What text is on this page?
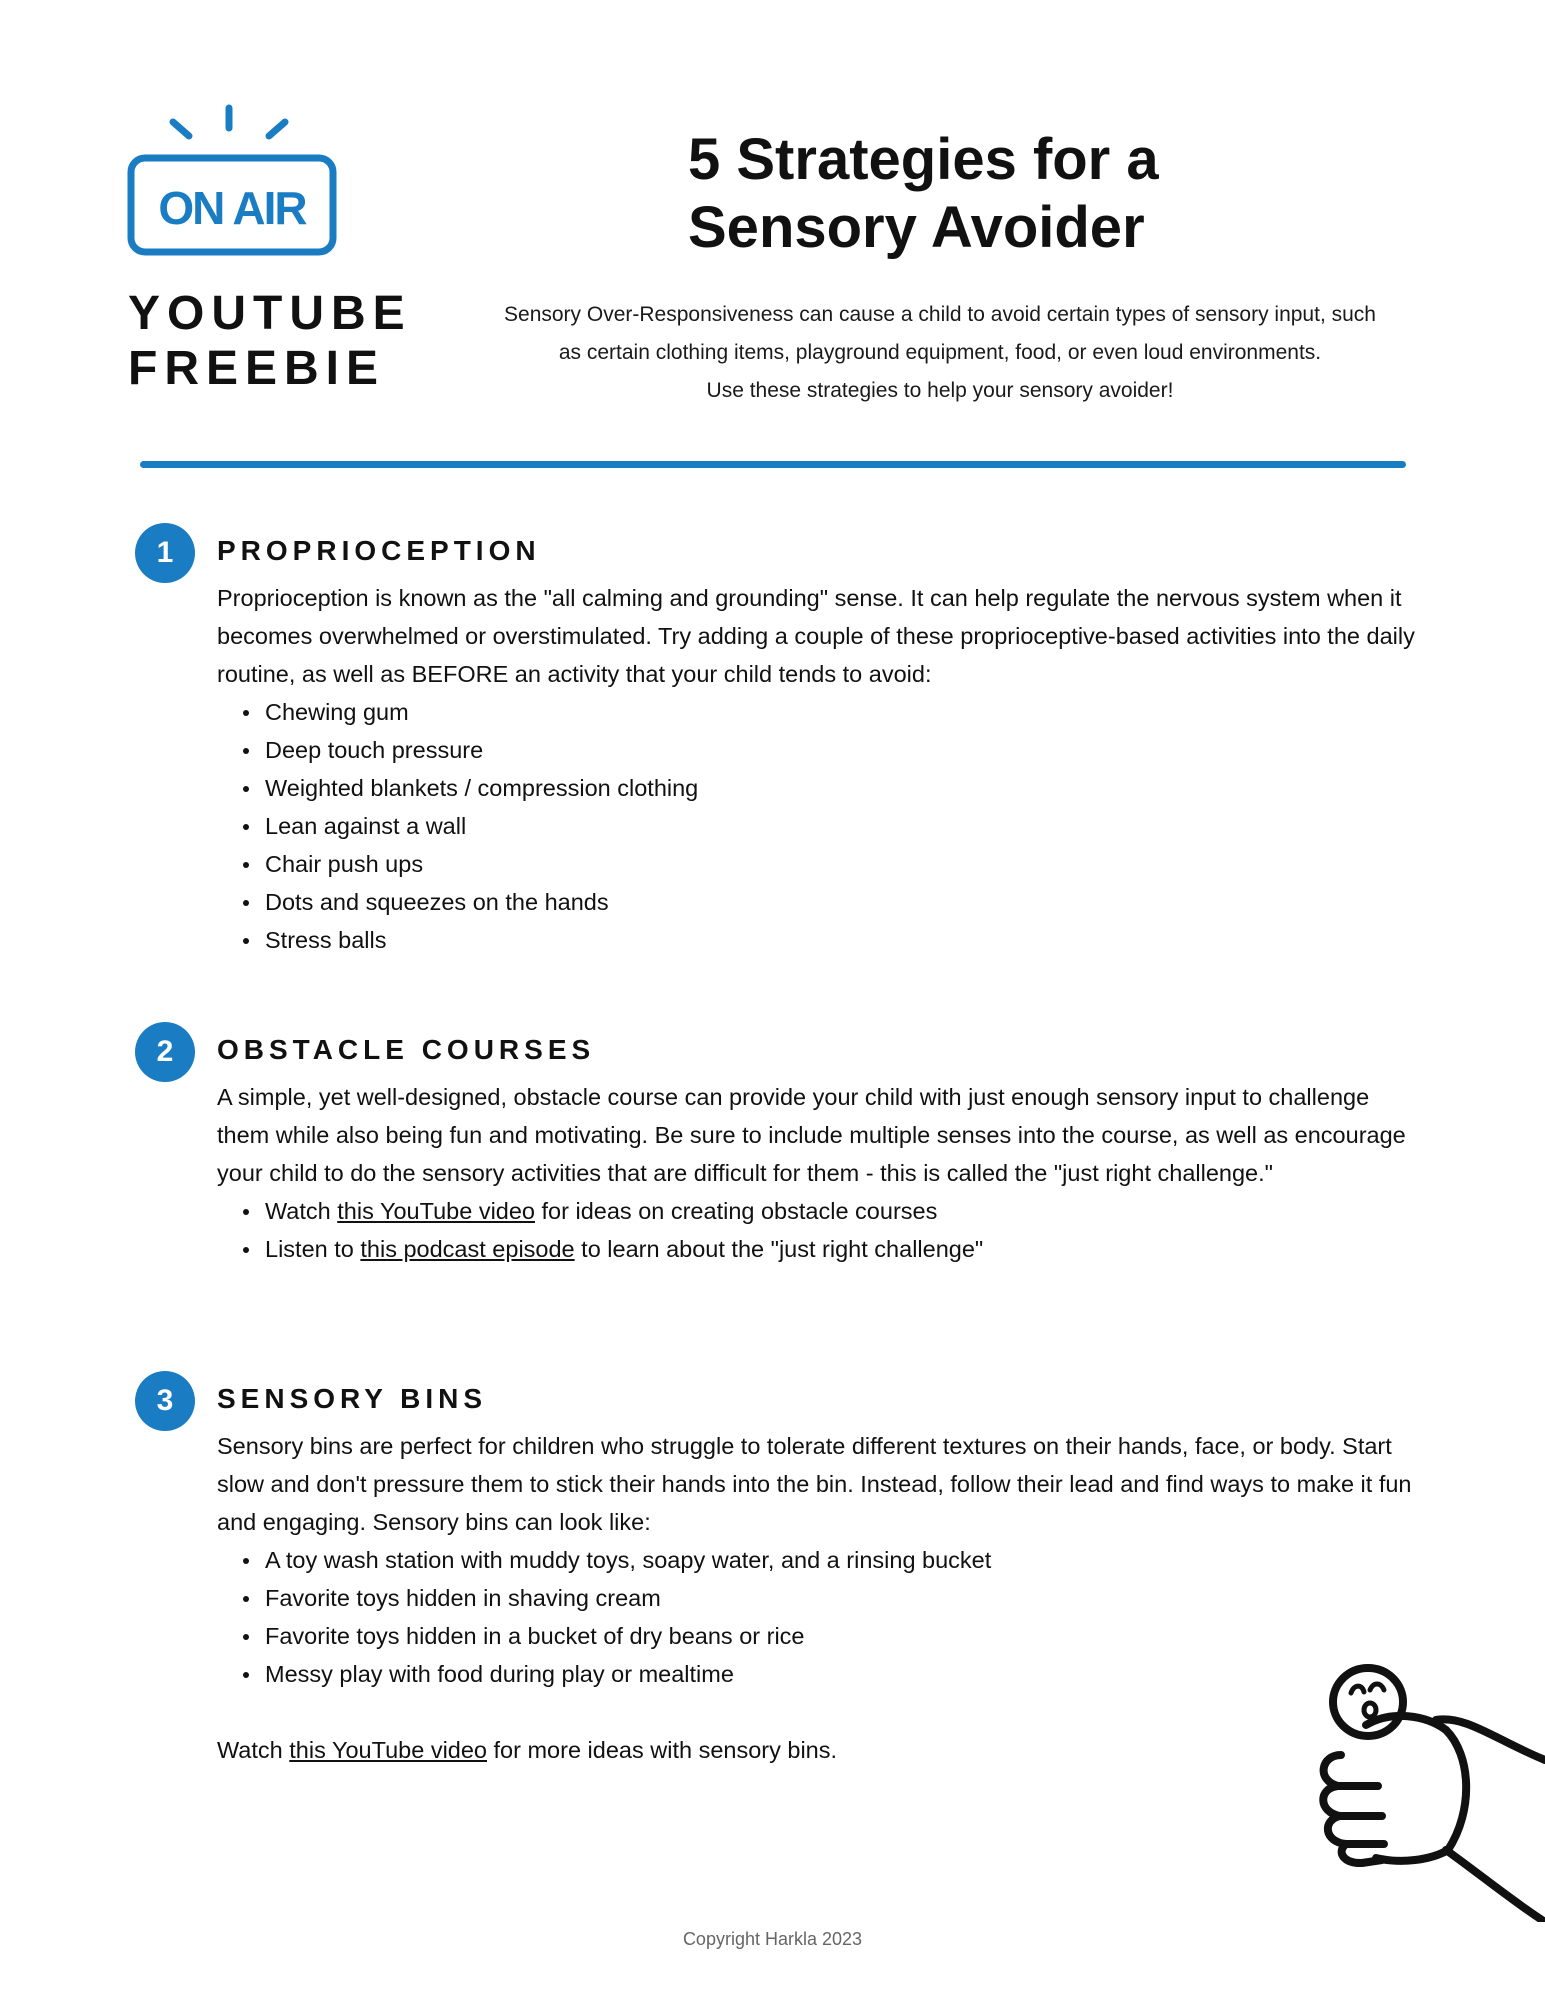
ON AIR
YOUTUBE
FREEBIE
5 Strategies for a
Sensory Avoider

Sensory Over-Responsiveness can cause a child to avoid certain types of sensory input, such
as certain clothing items, playground equipment, food, or even loud environments.
Use these strategies to help your sensory avoider!

1	PROPRIOCEPTION

Proprioception is known as the "all calming and grounding" sense. It can help regulate the nervous system when it becomes overwhelmed or overstimulated. Try adding a couple of these proprioceptive-based activities into the daily routine, as well as BEFORE an activity that your child tends to avoid:

Chewing gum
Deep touch pressure
Weighted blankets / compression clothing
Lean against a wall
Chair push ups
Dots and squeezes on the hands
Stress balls
2	OBSTACLE COURSES

A simple, yet well-designed, obstacle course can provide your child with just enough sensory input to challenge them while also being fun and motivating. Be sure to include multiple senses into the course, as well as encourage your child to do the sensory activities that are difficult for them - this is called the "just right challenge."

Watch this YouTube video for ideas on creating obstacle courses
Listen to this podcast episode to learn about the "just right challenge"
3	SENSORY BINS

Sensory bins are perfect for children who struggle to tolerate different textures on their hands, face, or body. Start slow and don't pressure them to stick their hands into the bin. Instead, follow their lead and find ways to make it fun and engaging. Sensory bins can look like:

A toy wash station with muddy toys, soapy water, and a rinsing bucket
Favorite toys hidden in shaving cream
Favorite toys hidden in a bucket of dry beans or rice
Messy play with food during play or mealtime

Watch this YouTube video for more ideas with sensory bins.

Copyright Harkla 2023
